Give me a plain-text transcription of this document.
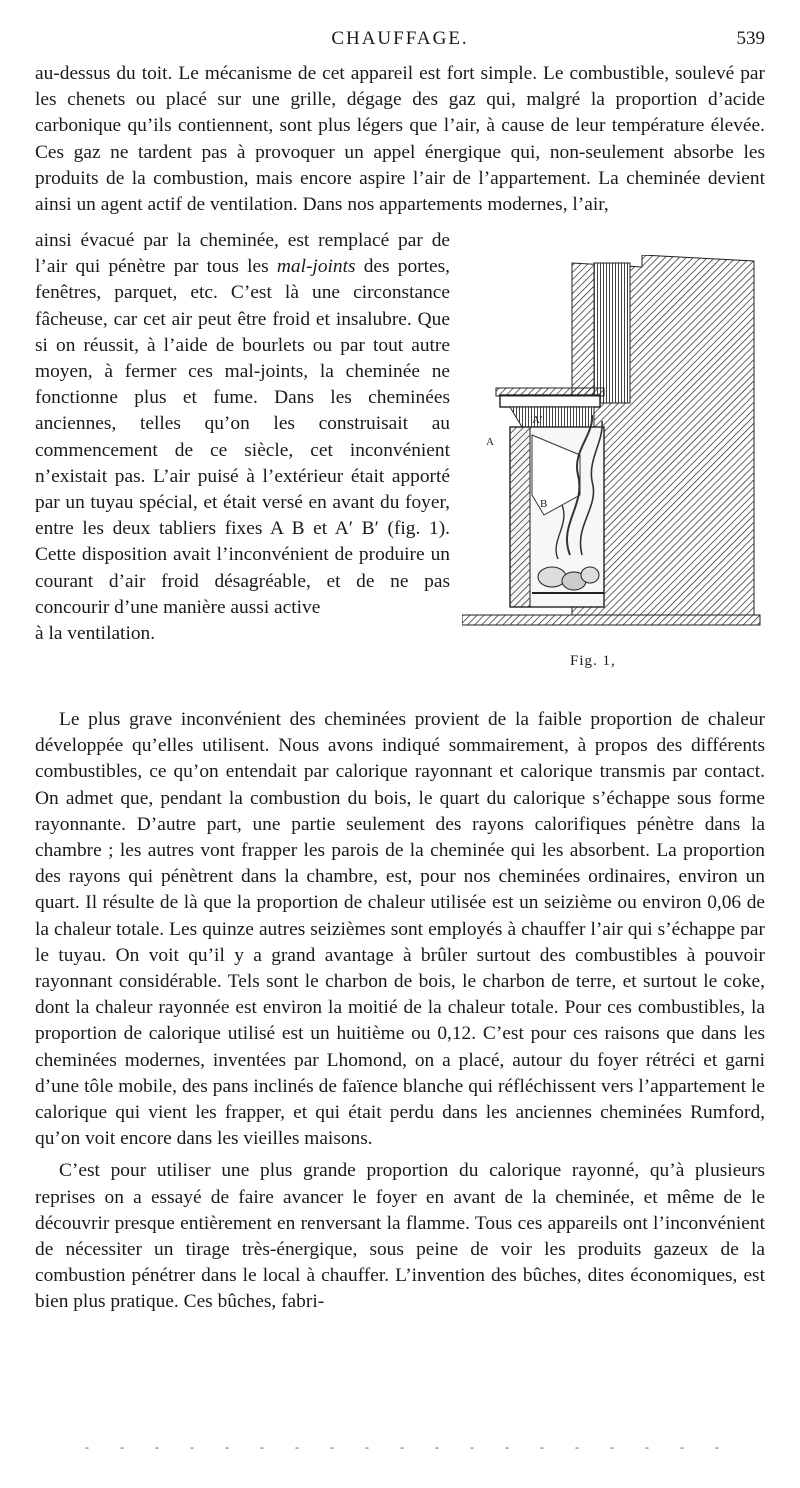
CHAUFFAGE.	539

au-dessus du toit. Le mécanisme de cet appareil est fort simple. Le combustible, soulevé par les chenets ou placé sur une grille, dégage des gaz qui, malgré la proportion d’acide carbonique qu’ils contiennent, sont plus légers que l’air, à cause de leur température élevée. Ces gaz ne tardent pas à provoquer un appel énergique qui, non-seulement absorbe les produits de la combustion, mais encore aspire l’air de l’appartement. La cheminée devient ainsi un agent actif de ventilation. Dans nos appartements modernes, l’air,

ainsi évacué par la cheminée, est remplacé par de l’air qui pénètre par tous les mal-joints des portes, fenêtres, parquet, etc. C’est là une circonstance fâcheuse, car cet air peut être froid et insalubre. Que si on réussit, à l’aide de bourlets ou par tout autre moyen, à fermer ces mal-joints, la cheminée ne fonctionne plus et fume. Dans les cheminées anciennes, telles qu’on les construisait au commencement de ce siècle, cet inconvénient n’existait pas. L’air puisé à l’extérieur était apporté par un tuyau spécial, et était versé en avant du foyer, entre les deux tabliers fixes A B et A′ B′ (fig. 1). Cette disposition avait l’inconvénient de produire un courant d’air froid désagréable, et de ne pas concourir d’une manière aussi active

à la ventilation.

A
A′
B
Fig. 1,

Le plus grave inconvénient des cheminées provient de la faible proportion de chaleur développée qu’elles utilisent. Nous avons indiqué sommairement, à propos des différents combustibles, ce qu’on entendait par calorique rayonnant et calorique transmis par contact. On admet que, pendant la combustion du bois, le quart du calorique s’échappe sous forme rayonnante. D’autre part, une partie seulement des rayons calorifiques pénètre dans la chambre ; les autres vont frapper les parois de la cheminée qui les absorbent. La proportion des rayons qui pénètrent dans la chambre, est, pour nos cheminées ordinaires, environ un quart. Il résulte de là que la proportion de chaleur utilisée est un seizième ou environ 0,06 de la chaleur totale. Les quinze autres seizièmes sont employés à chauffer l’air qui s’échappe par le tuyau. On voit qu’il y a grand avantage à brûler surtout des combustibles à pouvoir rayonnant considérable. Tels sont le charbon de bois, le charbon de terre, et surtout le coke, dont la chaleur rayonnée est environ la moitié de la chaleur totale. Pour ces combustibles, la proportion de calorique utilisé est un huitième ou 0,12. C’est pour ces raisons que dans les cheminées modernes, inventées par Lhomond, on a placé, autour du foyer rétréci et garni d’une tôle mobile, des pans inclinés de faïence blanche qui réfléchissent vers l’appartement le calorique qui vient les frapper, et qui était perdu dans les anciennes cheminées Rumford, qu’on voit encore dans les vieilles maisons.

C’est pour utiliser une plus grande proportion du calorique rayonné, qu’à plusieurs reprises on a essayé de faire avancer le foyer en avant de la cheminée, et même de le découvrir presque entièrement en renversant la flamme. Tous ces appareils ont l’inconvénient de nécessiter un tirage très-énergique, sous peine de voir les produits gazeux de la combustion pénétrer dans le local à chauffer. L’invention des bûches, dites économiques, est bien plus pratique. Ces bûches, fabri-

- - - - - - - - - - - - - - - - - - -
